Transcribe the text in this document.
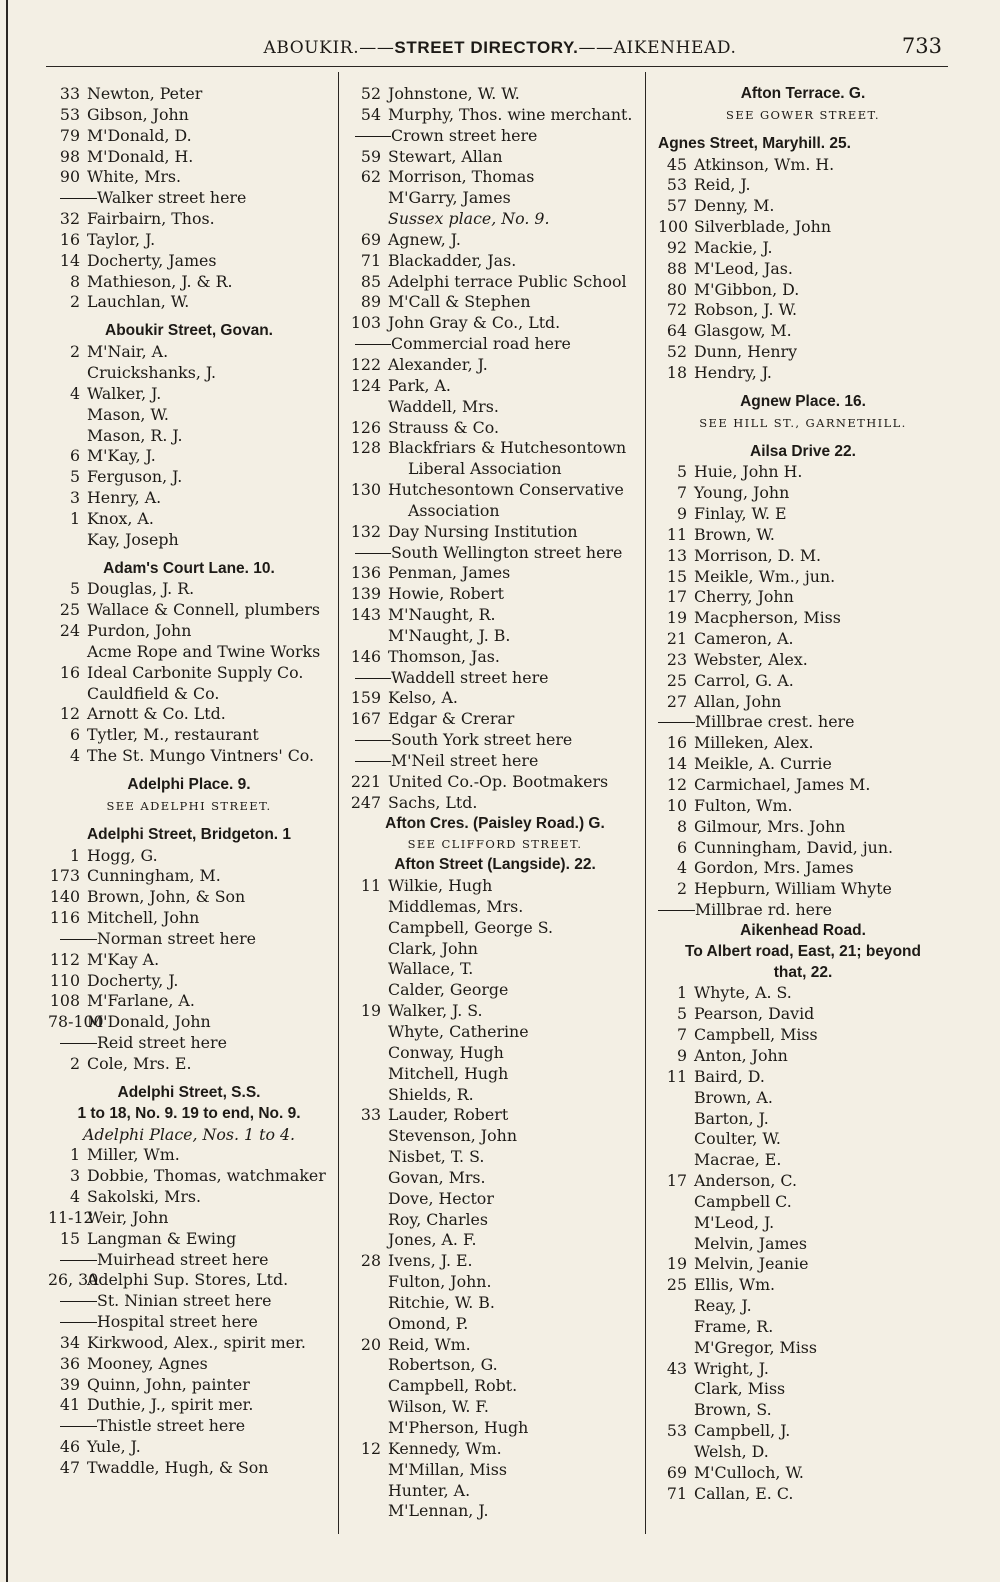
ABOUKIR.——STREET DIRECTORY.——AIKENHEAD.	733
33 Newton, Peter
53 Gibson, John
79 M'Donald, D.
98 M'Donald, H.
90 White, Mrs.
Walker street here
32 Fairbairn, Thos.
16 Taylor, J.
14 Docherty, James
8 Mathieson, J. & R.
2 Lauchlan, W.
Aboukir Street, Govan.
2 M'Nair, A.
Cruickshanks, J.
4 Walker, J.
Mason, W.
Mason, R. J.
6 M'Kay, J.
5 Ferguson, J.
3 Henry, A.
1 Knox, A.
Kay, Joseph
Adam's Court Lane. 10.
5 Douglas, J. R.
25 Wallace & Connell, plumbers
24 Purdon, John
Acme Rope and Twine Works
16 Ideal Carbonite Supply Co.
Cauldfield & Co.
12 Arnott & Co. Ltd.
6 Tytler, M., restaurant
4 The St. Mungo Vintners' Co.
Adelphi Place. 9.
SEE ADELPHI STREET.
Adelphi Street, Bridgeton. 1
1 Hogg, G.
173 Cunningham, M.
140 Brown, John, & Son
116 Mitchell, John
Norman street here
112 M'Kay A.
110 Docherty, J.
108 M'Farlane, A.
78-100M'Donald, John
Reid street here
2 Cole, Mrs. E.
Adelphi Street, S.S.
1 to 18, No. 9. 19 to end, No. 9.
Adelphi Place, Nos. 1 to 4.
1 Miller, Wm.
3 Dobbie, Thomas, watchmaker
4 Sakolski, Mrs.
11-12Weir, John
15 Langman & Ewing
Muirhead street here
26, 30Adelphi Sup. Stores, Ltd.
St. Ninian street here
Hospital street here
34 Kirkwood, Alex., spirit mer.
36 Mooney, Agnes
39 Quinn, John, painter
41 Duthie, J., spirit mer.
Thistle street here
46 Yule, J.
47 Twaddle, Hugh, & Son
52 Johnstone, W. W.
54 Murphy, Thos. wine merchant.
Crown street here
59 Stewart, Allan
62 Morrison, Thomas
M'Garry, James
Sussex place, No. 9.
69 Agnew, J.
71 Blackadder, Jas.
85 Adelphi terrace Public School
89 M'Call & Stephen
103 John Gray & Co., Ltd.
Commercial road here
122 Alexander, J.
124 Park, A.
Waddell, Mrs.
126 Strauss & Co.
128 Blackfriars & Hutchesontown
Liberal Association
130 Hutchesontown Conservative
Association
132 Day Nursing Institution
South Wellington street here
136 Penman, James
139 Howie, Robert
143 M'Naught, R.
M'Naught, J. B.
146 Thomson, Jas.
Waddell street here
159 Kelso, A.
167 Edgar & Crerar
South York street here
M'Neil street here
221 United Co.-Op. Bootmakers
247 Sachs, Ltd.
Afton Cres. (Paisley Road.) G.
SEE CLIFFORD STREET.
Afton Street (Langside). 22.
11 Wilkie, Hugh
Middlemas, Mrs.
Campbell, George S.
Clark, John
Wallace, T.
Calder, George
19 Walker, J. S.
Whyte, Catherine
Conway, Hugh
Mitchell, Hugh
Shields, R.
33 Lauder, Robert
Stevenson, John
Nisbet, T. S.
Govan, Mrs.
Dove, Hector
Roy, Charles
Jones, A. F.
28 Ivens, J. E.
Fulton, John.
Ritchie, W. B.
Omond, P.
20 Reid, Wm.
Robertson, G.
Campbell, Robt.
Wilson, W. F.
M'Pherson, Hugh
12 Kennedy, Wm.
M'Millan, Miss
Hunter, A.
M'Lennan, J.
Afton Terrace. G.
SEE GOWER STREET.
Agnes Street, Maryhill. 25.
45 Atkinson, Wm. H.
53 Reid, J.
57 Denny, M.
100 Silverblade, John
92 Mackie, J.
88 M'Leod, Jas.
80 M'Gibbon, D.
72 Robson, J. W.
64 Glasgow, M.
52 Dunn, Henry
18 Hendry, J.
Agnew Place. 16.
SEE HILL ST., GARNETHILL.
Ailsa Drive 22.
5 Huie, John H.
7 Young, John
9 Finlay, W. E
11 Brown, W.
13 Morrison, D. M.
15 Meikle, Wm., jun.
17 Cherry, John
19 Macpherson, Miss
21 Cameron, A.
23 Webster, Alex.
25 Carrol, G. A.
27 Allan, John
Millbrae crest. here
16 Milleken, Alex.
14 Meikle, A. Currie
12 Carmichael, James M.
10 Fulton, Wm.
8 Gilmour, Mrs. John
6 Cunningham, David, jun.
4 Gordon, Mrs. James
2 Hepburn, William Whyte
Millbrae rd. here
Aikenhead Road.
To Albert road, East, 21; beyond
that, 22.
1 Whyte, A. S.
5 Pearson, David
7 Campbell, Miss
9 Anton, John
11 Baird, D.
Brown, A.
Barton, J.
Coulter, W.
Macrae, E.
17 Anderson, C.
Campbell C.
M'Leod, J.
Melvin, James
19 Melvin, Jeanie
25 Ellis, Wm.
Reay, J.
Frame, R.
M'Gregor, Miss
43 Wright, J.
Clark, Miss
Brown, S.
53 Campbell, J.
Welsh, D.
69 M'Culloch, W.
71 Callan, E. C.
